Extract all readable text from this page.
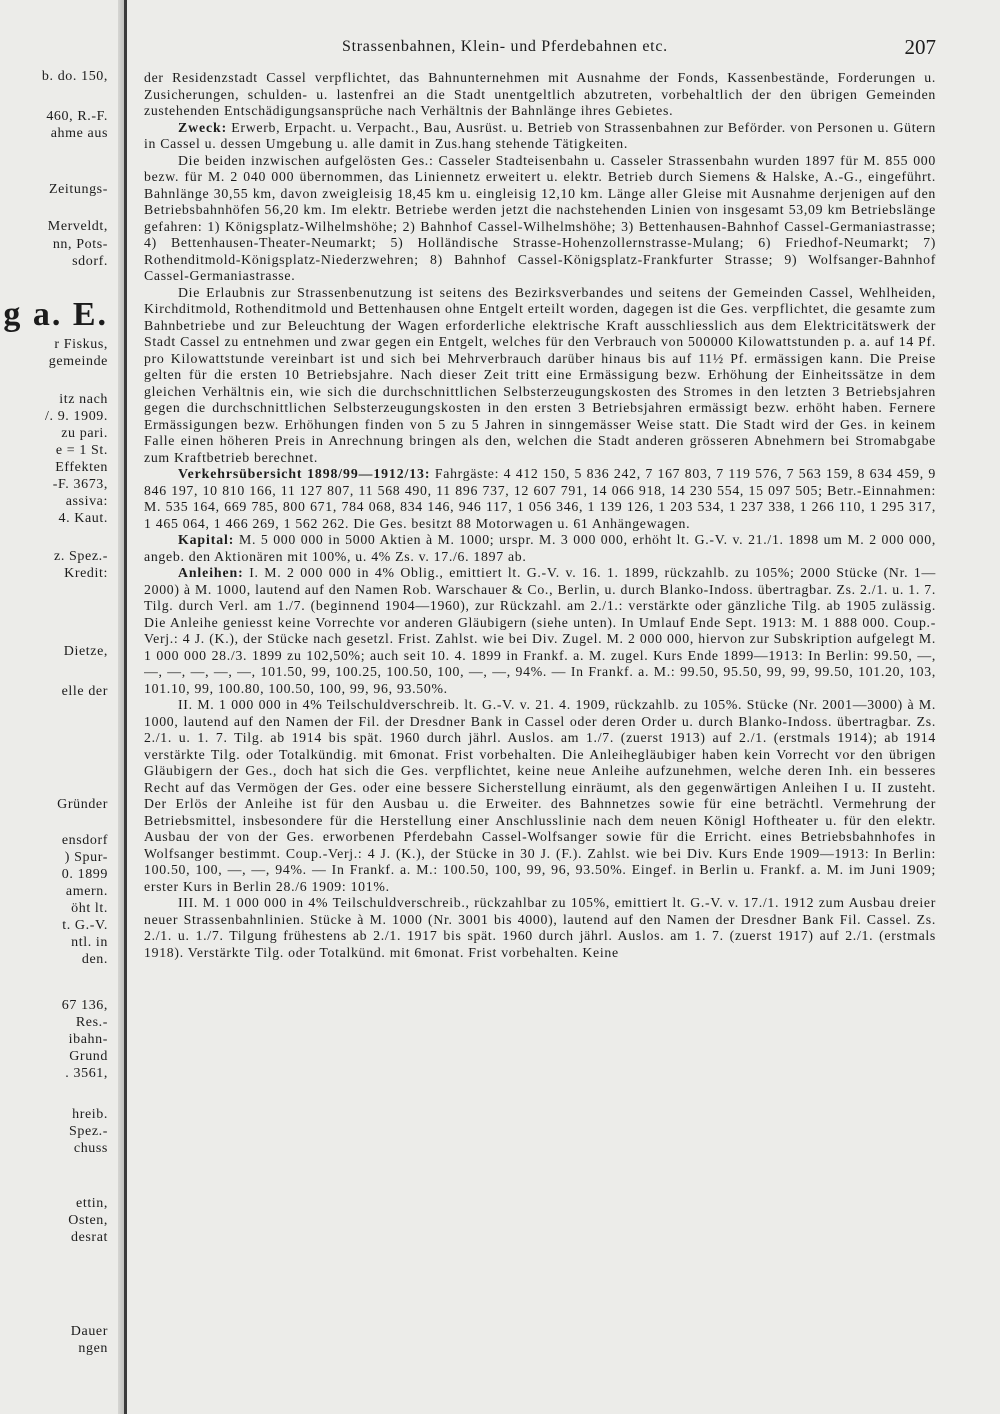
b. do. 150,
460, R.-F.
ahme aus
Zeitungs-
Merveldt,
nn, Pots-
sdorf.
g a. E.
r Fiskus,
gemeinde
itz nach
/. 9. 1909.
zu pari.
e = 1 St.
Effekten
-F. 3673,
assiva:
4. Kaut.
z. Spez.-
Kredit:
Dietze,
elle der
Gründer
ensdorf
) Spur-
0. 1899
amern.
öht lt.
t. G.-V.
ntl. in
den.
67 136,
Res.-
ibahn-
Grund
. 3561,
hreib.
Spez.-
chuss
ettin,
Osten,
desrat
Dauer
ngen
Strassenbahnen, Klein- und Pferdebahnen etc.	207

der Residenzstadt Cassel verpflichtet, das Bahnunternehmen mit Ausnahme der Fonds, Kassenbestände, Forderungen u. Zusicherungen, schulden- u. lastenfrei an die Stadt unentgeltlich abzutreten, vorbehaltlich der den übrigen Gemeinden zustehenden Entschädigungsansprüche nach Verhältnis der Bahnlänge ihres Gebietes.

Zweck: Erwerb, Erpacht. u. Verpacht., Bau, Ausrüst. u. Betrieb von Strassenbahnen zur Beförder. von Personen u. Gütern in Cassel u. dessen Umgebung u. alle damit in Zus.hang stehende Tätigkeiten.

Die beiden inzwischen aufgelösten Ges.: Casseler Stadteisenbahn u. Casseler Strassenbahn wurden 1897 für M. 855 000 bezw. für M. 2 040 000 übernommen, das Liniennetz erweitert u. elektr. Betrieb durch Siemens & Halske, A.-G., eingeführt. Bahnlänge 30,55 km, davon zweigleisig 18,45 km u. eingleisig 12,10 km. Länge aller Gleise mit Ausnahme derjenigen auf den Betriebsbahnhöfen 56,20 km. Im elektr. Betriebe werden jetzt die nachstehenden Linien von insgesamt 53,09 km Betriebslänge gefahren: 1) Königsplatz-Wilhelmshöhe; 2) Bahnhof Cassel-Wilhelmshöhe; 3) Bettenhausen-Bahnhof Cassel-Germaniastrasse; 4) Bettenhausen-Theater-Neumarkt; 5) Holländische Strasse-Hohenzollernstrasse-Mulang; 6) Friedhof-Neumarkt; 7) Rothenditmold-Königsplatz-Niederzwehren; 8) Bahnhof Cassel-Königsplatz-Frankfurter Strasse; 9) Wolfsanger-Bahnhof Cassel-Germaniastrasse.

Die Erlaubnis zur Strassenbenutzung ist seitens des Bezirksverbandes und seitens der Gemeinden Cassel, Wehlheiden, Kirchditmold, Rothenditmold und Bettenhausen ohne Entgelt erteilt worden, dagegen ist die Ges. verpflichtet, die gesamte zum Bahnbetriebe und zur Beleuchtung der Wagen erforderliche elektrische Kraft ausschliesslich aus dem Elektricitätswerk der Stadt Cassel zu entnehmen und zwar gegen ein Entgelt, welches für den Verbrauch von 500000 Kilowattstunden p. a. auf 14 Pf. pro Kilowattstunde vereinbart ist und sich bei Mehrverbrauch darüber hinaus bis auf 11½ Pf. ermässigen kann. Die Preise gelten für die ersten 10 Betriebsjahre. Nach dieser Zeit tritt eine Ermässigung bezw. Erhöhung der Einheitssätze in dem gleichen Verhältnis ein, wie sich die durchschnittlichen Selbsterzeugungskosten des Stromes in den letzten 3 Betriebsjahren gegen die durchschnittlichen Selbsterzeugungskosten in den ersten 3 Betriebsjahren ermässigt bezw. erhöht haben. Fernere Ermässigungen bezw. Erhöhungen finden von 5 zu 5 Jahren in sinngemässer Weise statt. Die Stadt wird der Ges. in keinem Falle einen höheren Preis in Anrechnung bringen als den, welchen die Stadt anderen grösseren Abnehmern bei Stromabgabe zum Kraftbetrieb berechnet.

Verkehrsübersicht 1898/99—1912/13: Fahrgäste: 4 412 150, 5 836 242, 7 167 803, 7 119 576, 7 563 159, 8 634 459, 9 846 197, 10 810 166, 11 127 807, 11 568 490, 11 896 737, 12 607 791, 14 066 918, 14 230 554, 15 097 505; Betr.-Einnahmen: M. 535 164, 669 785, 800 671, 784 068, 834 146, 946 117, 1 056 346, 1 139 126, 1 203 534, 1 237 338, 1 266 110, 1 295 317, 1 465 064, 1 466 269, 1 562 262. Die Ges. besitzt 88 Motorwagen u. 61 Anhängewagen.

Kapital: M. 5 000 000 in 5000 Aktien à M. 1000; urspr. M. 3 000 000, erhöht lt. G.-V. v. 21./1. 1898 um M. 2 000 000, angeb. den Aktionären mit 100%, u. 4% Zs. v. 17./6. 1897 ab.

Anleihen: I. M. 2 000 000 in 4% Oblig., emittiert lt. G.-V. v. 16. 1. 1899, rückzahlb. zu 105%; 2000 Stücke (Nr. 1—2000) à M. 1000, lautend auf den Namen Rob. Warschauer & Co., Berlin, u. durch Blanko-Indoss. übertragbar. Zs. 2./1. u. 1. 7. Tilg. durch Verl. am 1./7. (beginnend 1904—1960), zur Rückzahl. am 2./1.: verstärkte oder gänzliche Tilg. ab 1905 zulässig. Die Anleihe geniesst keine Vorrechte vor anderen Gläubigern (siehe unten). In Umlauf Ende Sept. 1913: M. 1 888 000. Coup.-Verj.: 4 J. (K.), der Stücke nach gesetzl. Frist. Zahlst. wie bei Div. Zugel. M. 2 000 000, hiervon zur Subskription aufgelegt M. 1 000 000 28./3. 1899 zu 102,50%; auch seit 10. 4. 1899 in Frankf. a. M. zugel. Kurs Ende 1899—1913: In Berlin: 99.50, —, —, —, —, —, —, 101.50, 99, 100.25, 100.50, 100, —, —, 94%. — In Frankf. a. M.: 99.50, 95.50, 99, 99, 99.50, 101.20, 103, 101.10, 99, 100.80, 100.50, 100, 99, 96, 93.50%.

II. M. 1 000 000 in 4% Teilschuldverschreib. lt. G.-V. v. 21. 4. 1909, rückzahlb. zu 105%. Stücke (Nr. 2001—3000) à M. 1000, lautend auf den Namen der Fil. der Dresdner Bank in Cassel oder deren Order u. durch Blanko-Indoss. übertragbar. Zs. 2./1. u. 1. 7. Tilg. ab 1914 bis spät. 1960 durch jährl. Auslos. am 1./7. (zuerst 1913) auf 2./1. (erstmals 1914); ab 1914 verstärkte Tilg. oder Totalkündig. mit 6monat. Frist vorbehalten. Die Anleihegläubiger haben kein Vorrecht vor den übrigen Gläubigern der Ges., doch hat sich die Ges. verpflichtet, keine neue Anleihe aufzunehmen, welche deren Inh. ein besseres Recht auf das Vermögen der Ges. oder eine bessere Sicherstellung einräumt, als den gegenwärtigen Anleihen I u. II zusteht. Der Erlös der Anleihe ist für den Ausbau u. die Erweiter. des Bahnnetzes sowie für eine beträchtl. Vermehrung der Betriebsmittel, insbesondere für die Herstellung einer Anschlusslinie nach dem neuen Königl Hoftheater u. für den elektr. Ausbau der von der Ges. erworbenen Pferdebahn Cassel-Wolfsanger sowie für die Erricht. eines Betriebsbahnhofes in Wolfsanger bestimmt. Coup.-Verj.: 4 J. (K.), der Stücke in 30 J. (F.). Zahlst. wie bei Div. Kurs Ende 1909—1913: In Berlin: 100.50, 100, —, —, 94%. — In Frankf. a. M.: 100.50, 100, 99, 96, 93.50%. Eingef. in Berlin u. Frankf. a. M. im Juni 1909; erster Kurs in Berlin 28./6 1909: 101%.

III. M. 1 000 000 in 4% Teilschuldverschreib., rückzahlbar zu 105%, emittiert lt. G.-V. v. 17./1. 1912 zum Ausbau dreier neuer Strassenbahnlinien. Stücke à M. 1000 (Nr. 3001 bis 4000), lautend auf den Namen der Dresdner Bank Fil. Cassel. Zs. 2./1. u. 1./7. Tilgung frühestens ab 2./1. 1917 bis spät. 1960 durch jährl. Auslos. am 1. 7. (zuerst 1917) auf 2./1. (erstmals 1918). Verstärkte Tilg. oder Totalkünd. mit 6monat. Frist vorbehalten. Keine
